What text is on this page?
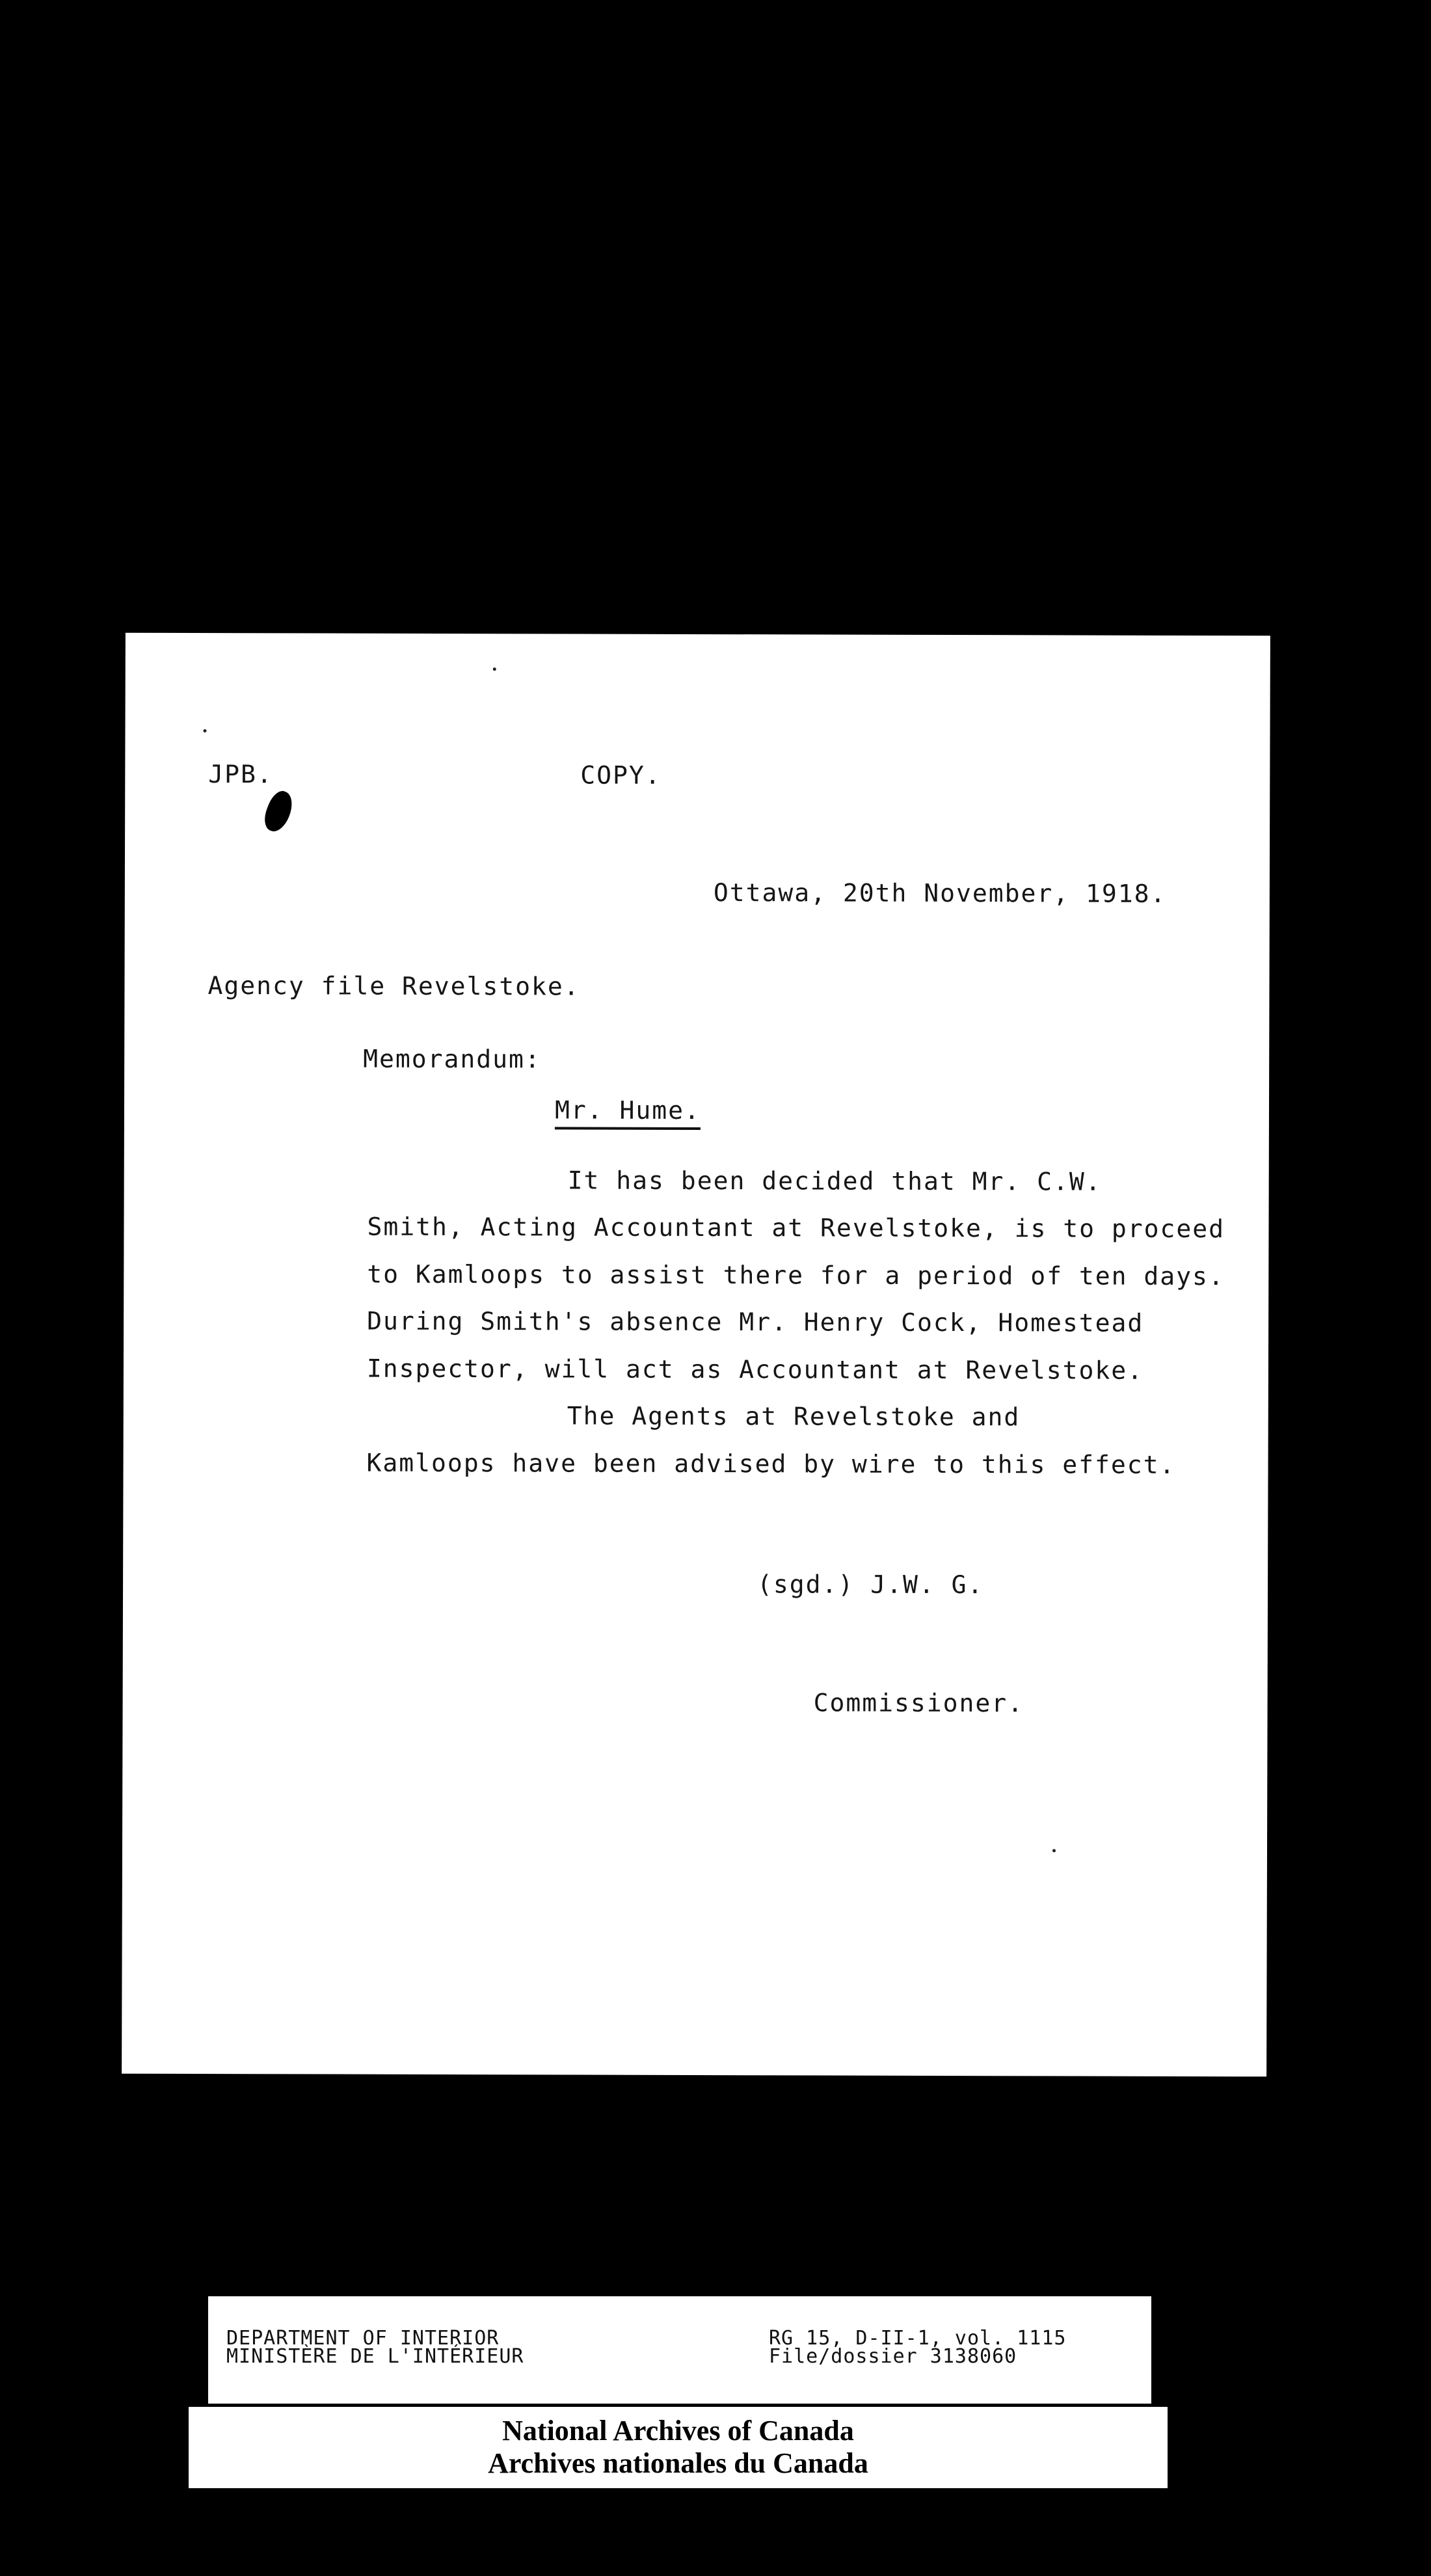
JPB.	COPY.
Ottawa, 20th November, 1918.
Agency file Revelstoke.
Memorandum:
Mr. Hume.
It has been decided that Mr. C.W.
Smith, Acting Accountant at Revelstoke, is to proceed
to Kamloops to assist there for a period of ten days.
During Smith's absence Mr. Henry Cock, Homestead
Inspector, will act as Accountant at Revelstoke.
The Agents at Revelstoke and
Kamloops have been advised by wire to this effect.
(sgd.) J.W. G.
Commissioner.
DEPARTMENT OF INTERIOR
MINISTÈRE DE L'INTÉRIEUR
RG 15, D-II-1, vol. 1115
File/dossier 3138060
National Archives of Canada
Archives nationales du Canada
